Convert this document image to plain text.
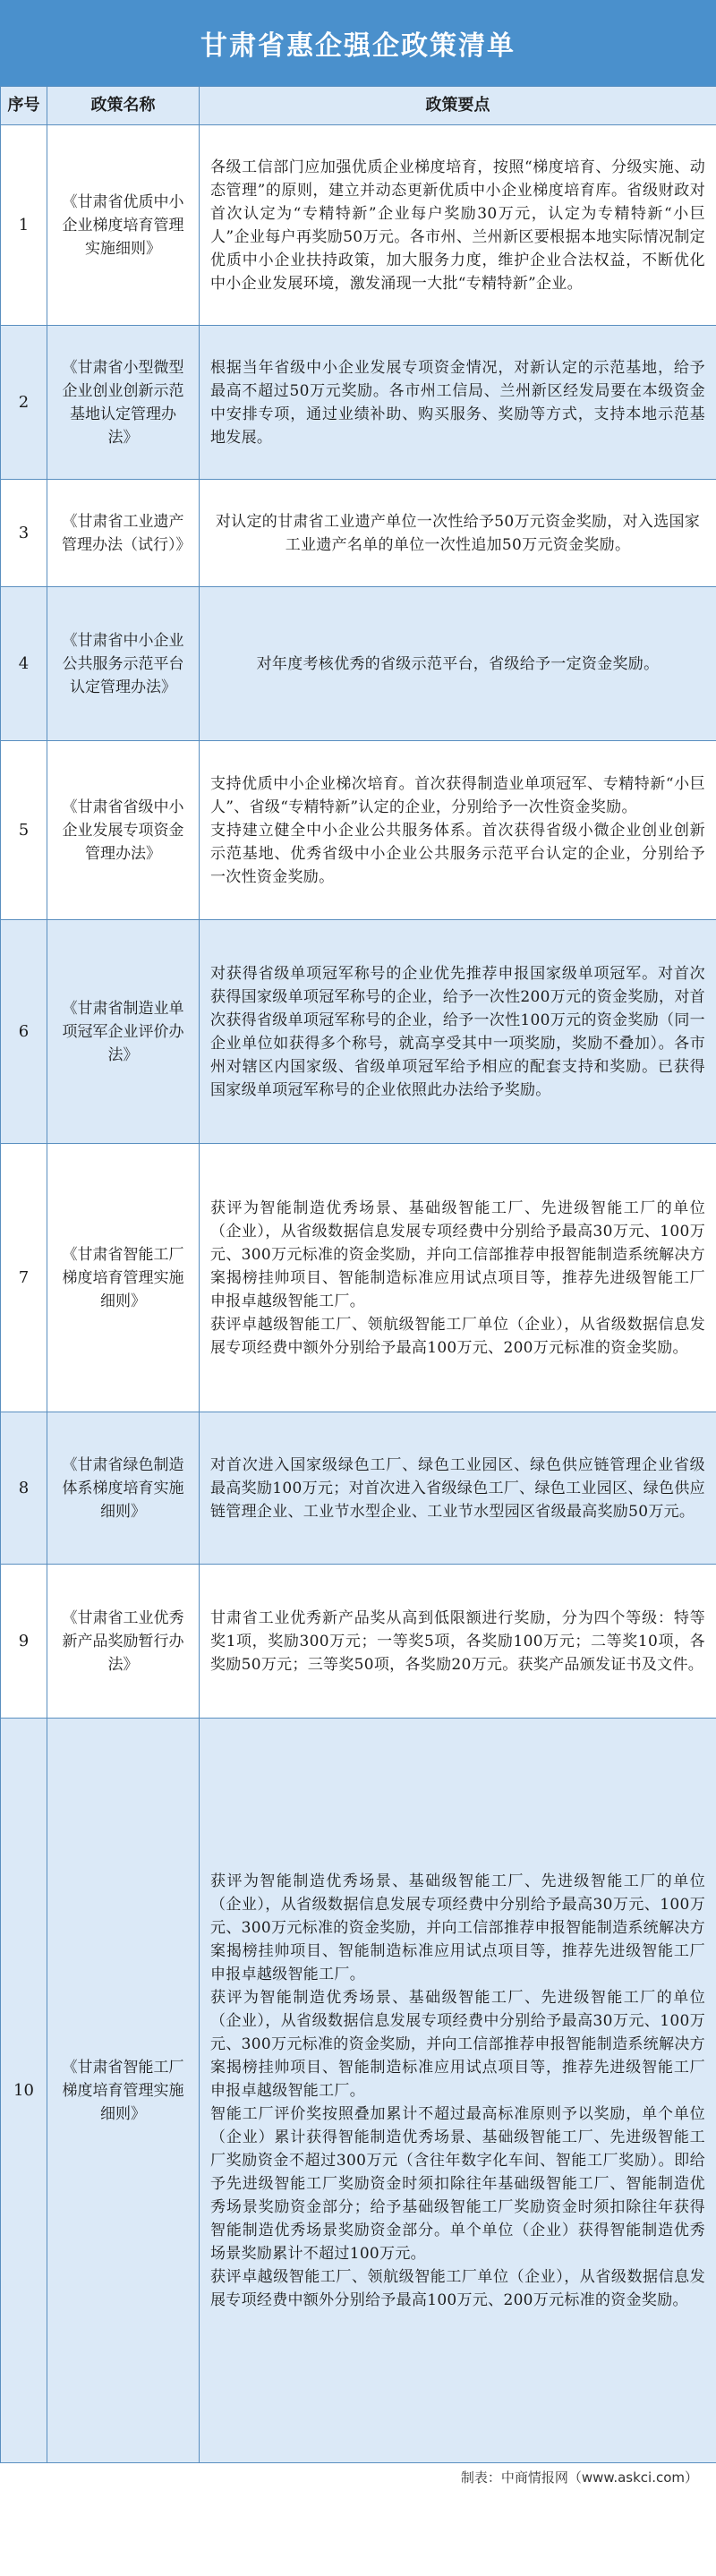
甘肃省惠企强企政策清单
序号	政策名称	政策要点
1	《甘肃省优质中小企业梯度培育管理实施细则》	各级工信部门应加强优质企业梯度培育，按照“梯度培育、分级实施、动态管理”的原则，建立并动态更新优质中小企业梯度培育库。省级财政对首次认定为“专精特新”企业每户奖励30万元，认定为专精特新“小巨人”企业每户再奖励50万元。各市州、兰州新区要根据本地实际情况制定优质中小企业扶持政策，加大服务力度，维护企业合法权益，不断优化中小企业发展环境，激发涌现一大批“专精特新”企业。

2	《甘肃省小型微型企业创业创新示范基地认定管理办法》	根据当年省级中小企业发展专项资金情况，对新认定的示范基地，给予最高不超过50万元奖励。各市州工信局、兰州新区经发局要在本级资金中安排专项，通过业绩补助、购买服务、奖励等方式，支持本地示范基地发展。

3	《甘肃省工业遗产管理办法（试行）》	对认定的甘肃省工业遗产单位一次性给予50万元资金奖励，对入选国家工业遗产名单的单位一次性追加50万元资金奖励。

4	《甘肃省中小企业公共服务示范平台认定管理办法》	对年度考核优秀的省级示范平台，省级给予一定资金奖励。

5	《甘肃省省级中小企业发展专项资金管理办法》	支持优质中小企业梯次培育。首次获得制造业单项冠军、专精特新“小巨人”、省级“专精特新”认定的企业，分别给予一次性资金奖励。

支持建立健全中小企业公共服务体系。首次获得省级小微企业创业创新示范基地、优秀省级中小企业公共服务示范平台认定的企业，分别给予一次性资金奖励。

6	《甘肃省制造业单项冠军企业评价办法》	对获得省级单项冠军称号的企业优先推荐申报国家级单项冠军。对首次获得国家级单项冠军称号的企业，给予一次性200万元的资金奖励，对首次获得省级单项冠军称号的企业，给予一次性100万元的资金奖励（同一企业单位如获得多个称号，就高享受其中一项奖励，奖励不叠加）。各市州对辖区内国家级、省级单项冠军给予相应的配套支持和奖励。已获得国家级单项冠军称号的企业依照此办法给予奖励。

7	《甘肃省智能工厂梯度培育管理实施细则》	获评为智能制造优秀场景、基础级智能工厂、先进级智能工厂的单位（企业），从省级数据信息发展专项经费中分别给予最高30万元、100万元、300万元标准的资金奖励，并向工信部推荐申报智能制造系统解决方案揭榜挂帅项目、智能制造标准应用试点项目等，推荐先进级智能工厂申报卓越级智能工厂。

获评卓越级智能工厂、领航级智能工厂单位（企业），从省级数据信息发展专项经费中额外分别给予最高100万元、200万元标准的资金奖励。

8	《甘肃省绿色制造体系梯度培育实施细则》	对首次进入国家级绿色工厂、绿色工业园区、绿色供应链管理企业省级最高奖励100万元；对首次进入省级绿色工厂、绿色工业园区、绿色供应链管理企业、工业节水型企业、工业节水型园区省级最高奖励50万元。

9	《甘肃省工业优秀新产品奖励暂行办法》	甘肃省工业优秀新产品奖从高到低限额进行奖励，分为四个等级：特等奖1项，奖励300万元；一等奖5项，各奖励100万元；二等奖10项，各奖励50万元；三等奖50项，各奖励20万元。获奖产品颁发证书及文件。

10	《甘肃省智能工厂梯度培育管理实施细则》	获评为智能制造优秀场景、基础级智能工厂、先进级智能工厂的单位（企业），从省级数据信息发展专项经费中分别给予最高30万元、100万元、300万元标准的资金奖励，并向工信部推荐申报智能制造系统解决方案揭榜挂帅项目、智能制造标准应用试点项目等，推荐先进级智能工厂申报卓越级智能工厂。

获评为智能制造优秀场景、基础级智能工厂、先进级智能工厂的单位（企业），从省级数据信息发展专项经费中分别给予最高30万元、100万元、300万元标准的资金奖励，并向工信部推荐申报智能制造系统解决方案揭榜挂帅项目、智能制造标准应用试点项目等，推荐先进级智能工厂申报卓越级智能工厂。

智能工厂评价奖按照叠加累计不超过最高标准原则予以奖励，单个单位（企业）累计获得智能制造优秀场景、基础级智能工厂、先进级智能工厂奖励资金不超过300万元（含往年数字化车间、智能工厂奖励）。即给予先进级智能工厂奖励资金时须扣除往年基础级智能工厂、智能制造优秀场景奖励资金部分；给予基础级智能工厂奖励资金时须扣除往年获得智能制造优秀场景奖励资金部分。单个单位（企业）获得智能制造优秀场景奖励累计不超过100万元。

获评卓越级智能工厂、领航级智能工厂单位（企业），从省级数据信息发展专项经费中额外分别给予最高100万元、200万元标准的资金奖励。

制表：中商情报网（www.askci.com）
